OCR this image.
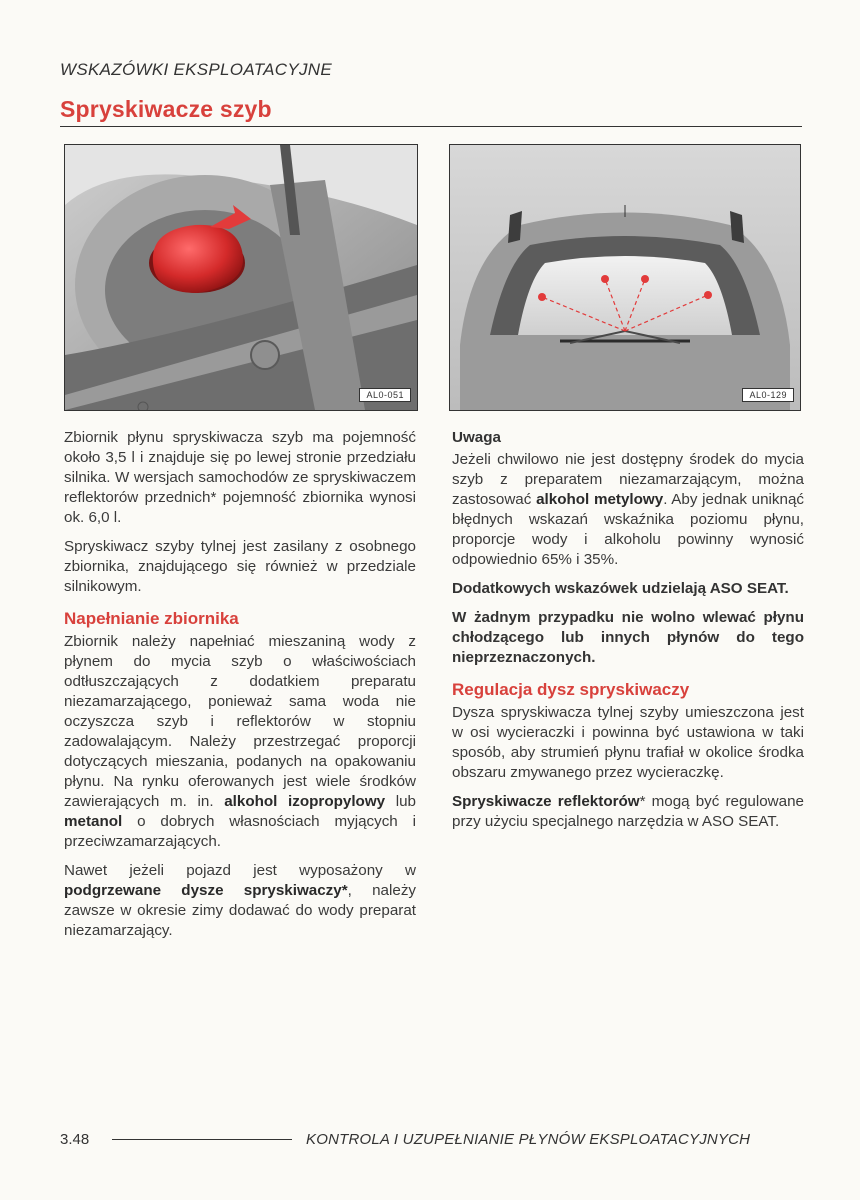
WSKAZÓWKI EKSPLOATACYJNE
Spryskiwacze szyb
AL0-051	AL0-129

Zbiornik płynu spryskiwacza szyb ma pojemność około 3,5 l i znajduje się po lewej stronie przedziału silnika. W wersjach samochodów ze spryskiwaczem reflektorów przednich* pojemność zbiornika wynosi ok. 6,0 l.

Spryskiwacz szyby tylnej jest zasilany z osobnego zbiornika, znajdującego się również w przedziale silnikowym.

Napełnianie zbiornika

Zbiornik należy napełniać mieszaniną wody z płynem do mycia szyb o właściwościach odtłuszczających z dodatkiem preparatu niezamarzającego, ponieważ sama woda nie oczyszcza szyb i reflektorów w stopniu zadowalającym. Należy przestrzegać proporcji dotyczących mieszania, podanych na opakowaniu płynu. Na rynku oferowanych jest wiele środków zawierających m. in. alkohol izopropylowy lub metanol o dobrych własnościach myjących i przeciwzamarzających.

Nawet jeżeli pojazd jest wyposażony w podgrzewane dysze spryskiwaczy*, należy zawsze w okresie zimy dodawać do wody preparat niezamarzający.

Uwaga

Jeżeli chwilowo nie jest dostępny środek do mycia szyb z preparatem niezamarzającym, można zastosować alkohol metylowy. Aby jednak uniknąć błędnych wskazań wskaźnika poziomu płynu, proporcje wody i alkoholu powinny wynosić odpowiednio 65% i 35%.

Dodatkowych wskazówek udzielają ASO SEAT.

W żadnym przypadku nie wolno wlewać płynu chłodzącego lub innych płynów do tego nieprzeznaczonych.

Regulacja dysz spryskiwaczy

Dysza spryskiwacza tylnej szyby umieszczona jest w osi wycieraczki i powinna być ustawiona w taki sposób, aby strumień płynu trafiał w okolice środka obszaru zmywanego przez wycieraczkę.

Spryskiwacze reflektorów* mogą być regulowane przy użyciu specjalnego narzędzia w ASO SEAT.

3.48	KONTROLA I UZUPEŁNIANIE PŁYNÓW EKSPLOATACYJNYCH
